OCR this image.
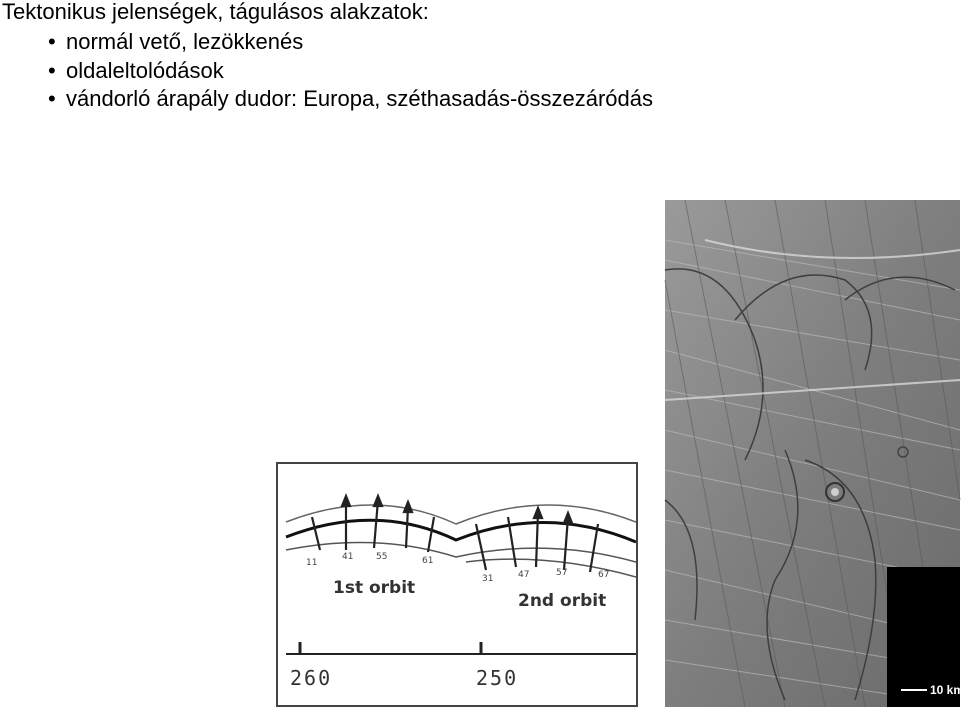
Tektonikus jelenségek, tágulásos alakzatok:
• normál vető, lezökkenés
• oldaleltolódások
• vándorló árapály dudor: Europa, széthasadás-összezáródás
10 km
11
41	55	61
31	47	57	67
1st orbit
2nd orbit
260	250
